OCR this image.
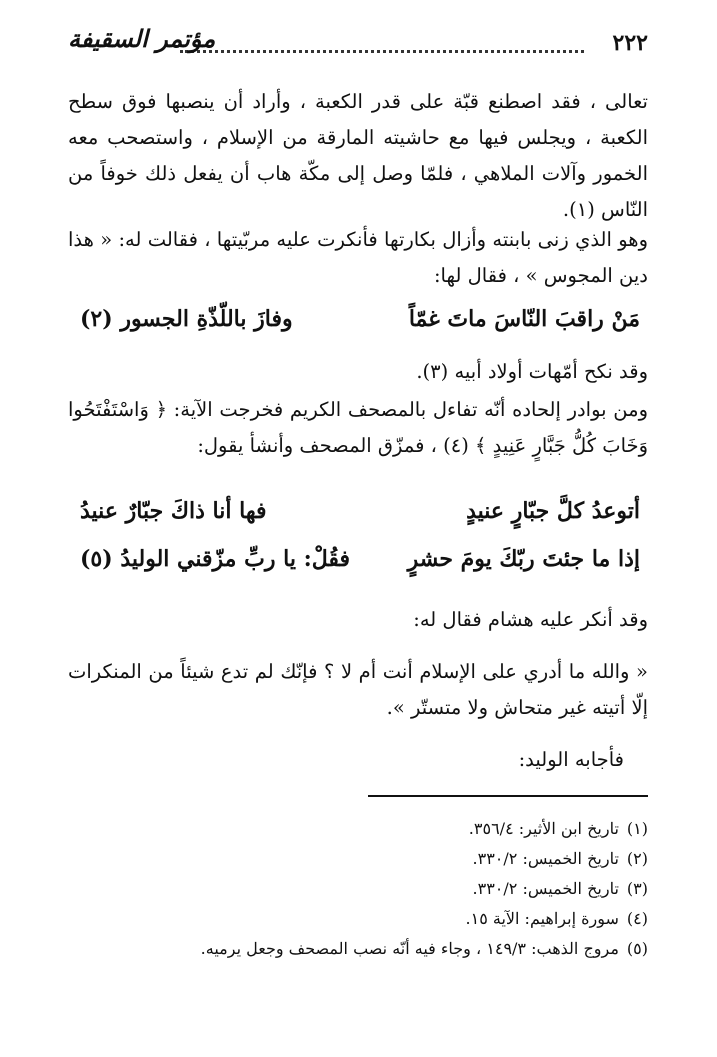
٢٢٢
مؤتمر السقيفة

تعالى ، فقد اصطنع قبّة على قدر الكعبة ، وأراد أن ينصبها فوق سطح الكعبة ، ويجلس فيها مع حاشيته المارقة من الإسلام ، واستصحب معه الخمور وآلات الملاهي ، فلمّا وصل إلى مكّة هاب أن يفعل ذلك خوفاً من النّاس (١).

وهو الذي زنى بابنته وأزال بكارتها فأنكرت عليه مربّيتها ، فقالت له: « هذا دين المجوس » ، فقال لها:

مَنْ راقبَ النّاسَ ماتَ غمّاً
وفازَ باللّذّةِ الجسور (٢)

وقد نكح أمّهات أولاد أبيه (٣).

ومن بوادر إلحاده أنّه تفاءل بالمصحف الكريم فخرجت الآية: ﴿ وَاسْتَفْتَحُوا وَخَابَ كُلُّ جَبَّارٍ عَنِيدٍ ﴾ (٤) ، فمزّق المصحف وأنشأ يقول:

أتوعدُ كلَّ جبّارٍ عنيدٍ
فها أنا ذاكَ جبّارٌ عنيدُ
إذا ما جئتَ ربّكَ يومَ حشرٍ
فقُلْ: يا ربِّ مزّقني الوليدُ (٥)

وقد أنكر عليه هشام فقال له:

« والله ما أدري على الإسلام أنت أم لا ؟ فإنّك لم تدع شيئاً من المنكرات إلّا أتيته غير متحاش ولا متستّر ».

فأجابه الوليد:

(١)تاريخ ابن الأثير: ٣٥٦/٤.
(٢)تاريخ الخميس: ٣٣٠/٢.
(٣)تاريخ الخميس: ٣٣٠/٢.
(٤)سورة إبراهيم: الآية ١٥.
(٥)مروج الذهب: ١٤٩/٣ ، وجاء فيه أنّه نصب المصحف وجعل يرميه.
